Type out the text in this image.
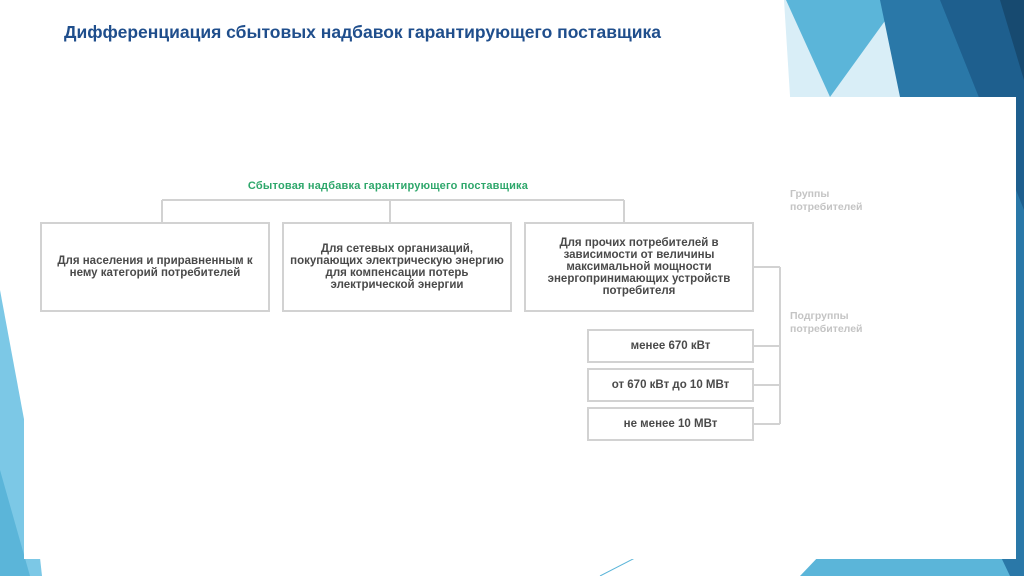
Дифференциация сбытовых надбавок гарантирующего поставщика
Сбытовая надбавка гарантирующего поставщика
Группы потребителей
Подгруппы потребителей
Для населения и приравненным к нему категорий потребителей
Для сетевых организаций, покупающих электрическую энергию для компенсации потерь электрической энергии
Для прочих потребителей в зависимости от величины максимальной мощности энергопринимающих устройств потребителя
менее 670 кВт
от 670 кВт до 10 МВт
не менее 10 МВт
